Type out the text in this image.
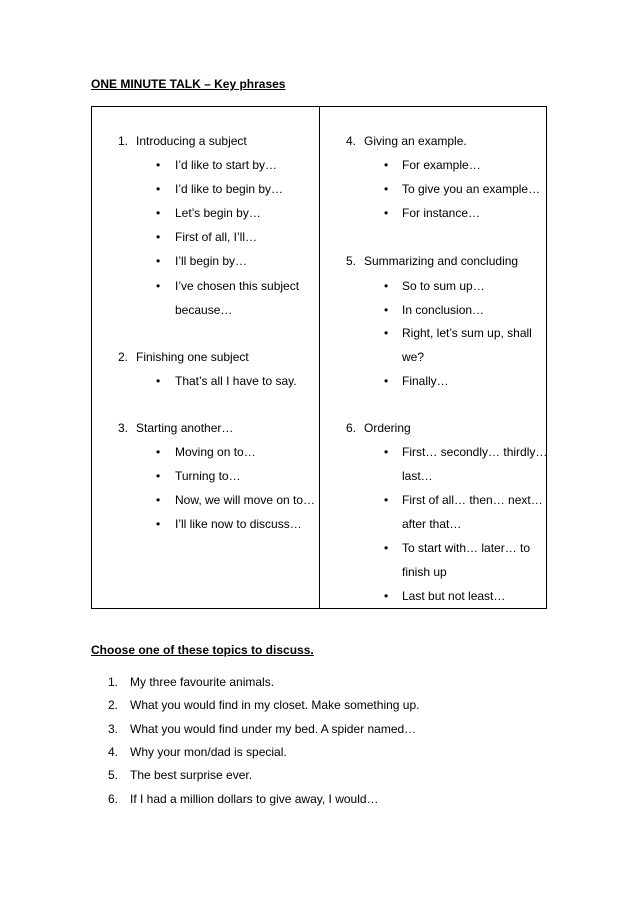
ONE MINUTE TALK – Key phrases
1. Introducing a subject
• I’d like to start by…
• I’d like to begin by…
• Let’s begin by…
• First of all, I’ll…
• I’ll begin by…
• I’ve chosen this subject
because…
2. Finishing one subject
• That’s all I have to say.
3. Starting another…
• Moving on to…
• Turning to…
• Now, we will move on to…
• I’ll like now to discuss…
4. Giving an example.
• For example…
• To give you an example…
• For instance…
5. Summarizing and concluding
• So to sum up…
• In conclusion…
• Right, let’s sum up, shall
we?
• Finally…
6. Ordering
• First… secondly… thirdly…
last…
• First of all… then… next…
after that…
• To start with… later… to
finish up
• Last but not least…
Choose one of these topics to discuss.
1. My three favourite animals.
2. What you would find in my closet. Make something up.
3. What you would find under my bed. A spider named…
4. Why your mon/dad is special.
5. The best surprise ever.
6. If I had a million dollars to give away, I would…
